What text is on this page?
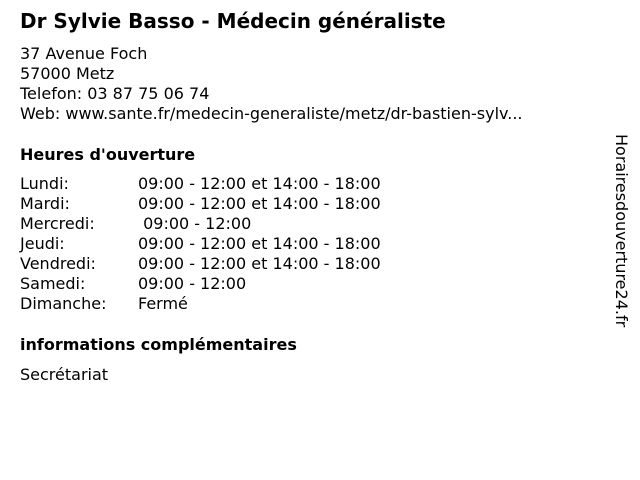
Dr Sylvie Basso - Médecin généraliste
37 Avenue Foch
57000 Metz
Telefon: 03 87 75 06 74
Web: www.sante.fr/medecin-generaliste/metz/dr-bastien-sylv...
Heures d'ouverture
Lundi:	09:00 - 12:00 et 14:00 - 18:00
Mardi:	09:00 - 12:00 et 14:00 - 18:00
Mercredi:	09:00 - 12:00
Jeudi:	09:00 - 12:00 et 14:00 - 18:00
Vendredi:	09:00 - 12:00 et 14:00 - 18:00
Samedi:	09:00 - 12:00
Dimanche:	Fermé
informations complémentaires
Secrétariat
Horairesdouverture24.fr
